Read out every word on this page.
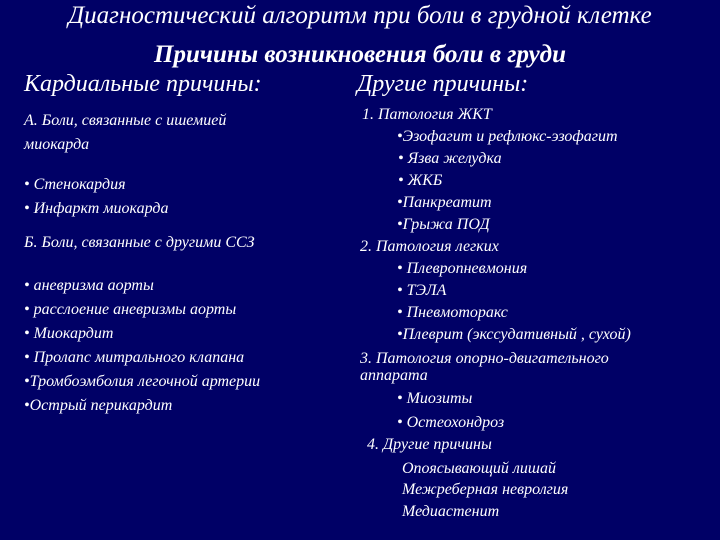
Диагностический алгоритм при боли в грудной клетке
Причины возникновения боли в груди
Кардиальные причины:	Другие причины:
А. Боли, связанные с ишемией
миокарда
• Стенокардия
• Инфаркт миокарда
Б. Боли, связанные с другими ССЗ
• аневризма аорты
• расслоение аневризмы аорты
• Миокардит
• Пролапс митрального клапана
•Тромбоэмболия легочной артерии
•Острый перикардит
1. Патология ЖКТ
•Эзофагит и рефлюкс-эзофагит
• Язва желудка
• ЖКБ
•Панкреатит
•Грыжа ПОД
2. Патология легких
• Плевропневмония
• ТЭЛА
• Пневмоторакс
•Плеврит (экссудативный , сухой)
3. Патология опорно-двигательного
аппарата
• Миозиты
• Остеохондроз
4. Другие причины
Опоясывающий лишай
Межреберная невролгия
Медиастенит
